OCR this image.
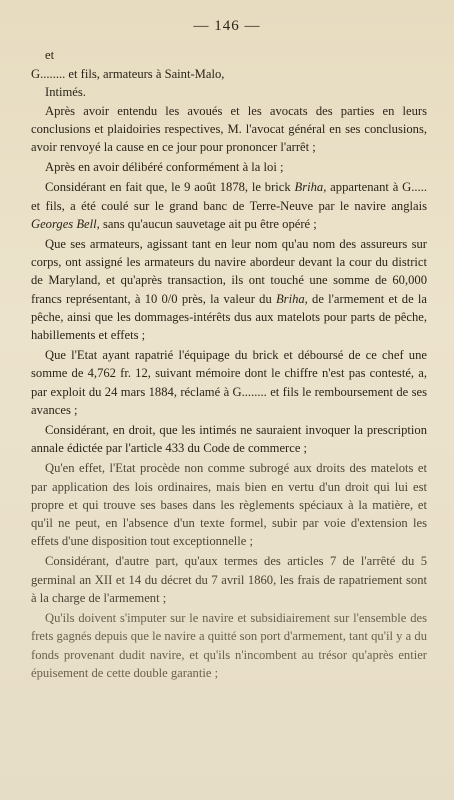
— 146 —

et

G........ et fils, armateurs à Saint-Malo,

Intimés.

Après avoir entendu les avoués et les avocats des parties en leurs conclusions et plaidoiries respectives, M. l'avocat général en ses conclusions, avoir renvoyé la cause en ce jour pour prononcer l'arrêt ;

Après en avoir délibéré conformément à la loi ;

Considérant en fait que, le 9 août 1878, le brick Briha, appartenant à G..... et fils, a été coulé sur le grand banc de Terre-Neuve par le navire anglais Georges Bell, sans qu'aucun sauvetage ait pu être opéré ;

Que ses armateurs, agissant tant en leur nom qu'au nom des assureurs sur corps, ont assigné les armateurs du navire abordeur devant la cour du district de Maryland, et qu'après transaction, ils ont touché une somme de 60,000 francs représentant, à 10 0/0 près, la valeur du Briha, de l'armement et de la pêche, ainsi que les dommages-intérêts dus aux matelots pour parts de pêche, habillements et effets ;

Que l'Etat ayant rapatrié l'équipage du brick et déboursé de ce chef une somme de 4,762 fr. 12, suivant mémoire dont le chiffre n'est pas contesté, a, par exploit du 24 mars 1884, réclamé à G........ et fils le remboursement de ses avances ;

Considérant, en droit, que les intimés ne sauraient invoquer la prescription annale édictée par l'article 433 du Code de commerce ;

Qu'en effet, l'Etat procède non comme subrogé aux droits des matelots et par application des lois ordinaires, mais bien en vertu d'un droit qui lui est propre et qui trouve ses bases dans les règlements spéciaux à la matière, et qu'il ne peut, en l'absence d'un texte formel, subir par voie d'extension les effets d'une disposition tout exceptionnelle ;

Considérant, d'autre part, qu'aux termes des articles 7 de l'arrêté du 5 germinal an XII et 14 du décret du 7 avril 1860, les frais de rapatriement sont à la charge de l'armement ;

Qu'ils doivent s'imputer sur le navire et subsidiairement sur l'ensemble des frets gagnés depuis que le navire a quitté son port d'armement, tant qu'il y a du fonds provenant dudit navire, et qu'ils n'incombent au trésor qu'après entier épuisement de cette double garantie ;
